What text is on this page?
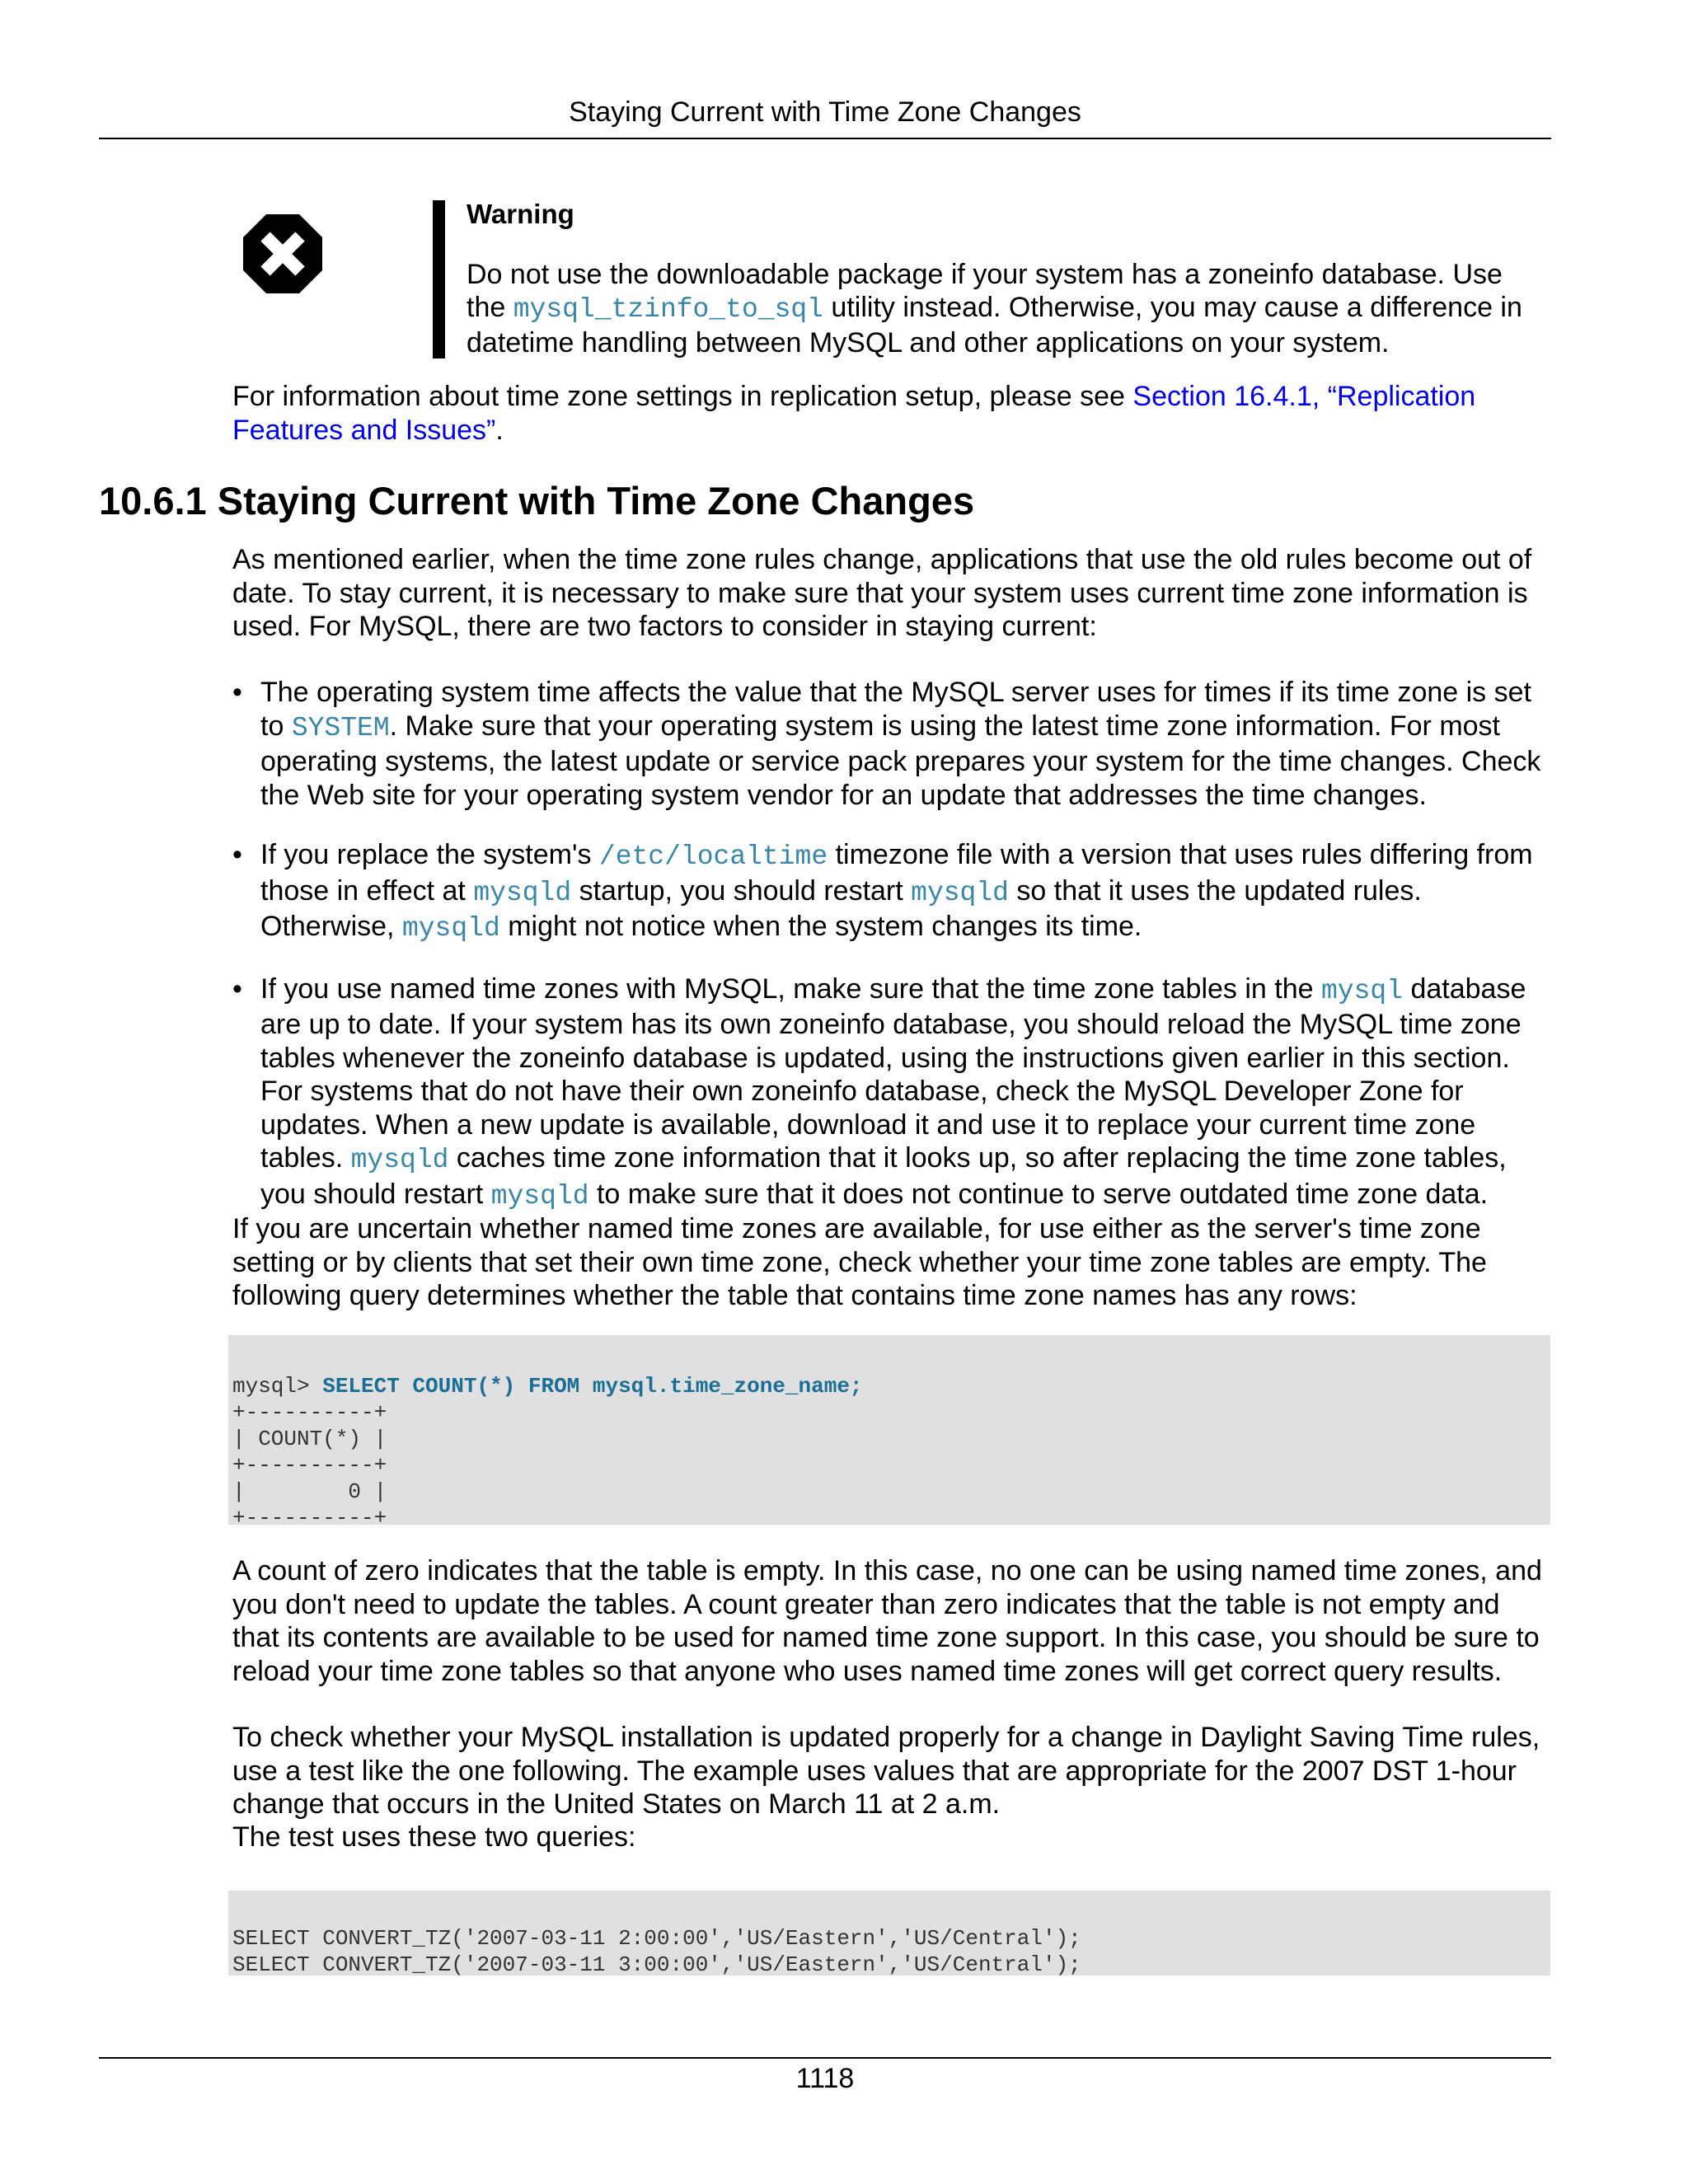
Staying Current with Time Zone Changes
Warning

Do not use the downloadable package if your system has a zoneinfo database. Use the mysql_tzinfo_to_sql utility instead. Otherwise, you may cause a difference in datetime handling between MySQL and other applications on your system.

For information about time zone settings in replication setup, please see Section 16.4.1, “Replication Features and Issues”.

10.6.1 Staying Current with Time Zone Changes

As mentioned earlier, when the time zone rules change, applications that use the old rules become out of date. To stay current, it is necessary to make sure that your system uses current time zone information is used. For MySQL, there are two factors to consider in staying current:

• The operating system time affects the value that the MySQL server uses for times if its time zone is set to SYSTEM. Make sure that your operating system is using the latest time zone information. For most operating systems, the latest update or service pack prepares your system for the time changes. Check the Web site for your operating system vendor for an update that addresses the time changes.
• If you replace the system's /etc/localtime timezone file with a version that uses rules differing from those in effect at mysqld startup, you should restart mysqld so that it uses the updated rules. Otherwise, mysqld might not notice when the system changes its time.
• If you use named time zones with MySQL, make sure that the time zone tables in the mysql database are up to date. If your system has its own zoneinfo database, you should reload the MySQL time zone tables whenever the zoneinfo database is updated, using the instructions given earlier in this section. For systems that do not have their own zoneinfo database, check the MySQL Developer Zone for updates. When a new update is available, download it and use it to replace your current time zone tables. mysqld caches time zone information that it looks up, so after replacing the time zone tables, you should restart mysqld to make sure that it does not continue to serve outdated time zone data.

If you are uncertain whether named time zones are available, for use either as the server's time zone setting or by clients that set their own time zone, check whether your time zone tables are empty. The following query determines whether the table that contains time zone names has any rows:

mysql> SELECT COUNT(*) FROM mysql.time_zone_name;
+----------+
| COUNT(*) |
+----------+
|        0 |
+----------+

A count of zero indicates that the table is empty. In this case, no one can be using named time zones, and you don't need to update the tables. A count greater than zero indicates that the table is not empty and that its contents are available to be used for named time zone support. In this case, you should be sure to reload your time zone tables so that anyone who uses named time zones will get correct query results.

To check whether your MySQL installation is updated properly for a change in Daylight Saving Time rules, use a test like the one following. The example uses values that are appropriate for the 2007 DST 1-hour change that occurs in the United States on March 11 at 2 a.m.

The test uses these two queries:

SELECT CONVERT_TZ('2007-03-11 2:00:00','US/Eastern','US/Central');
SELECT CONVERT_TZ('2007-03-11 3:00:00','US/Eastern','US/Central');
1118
